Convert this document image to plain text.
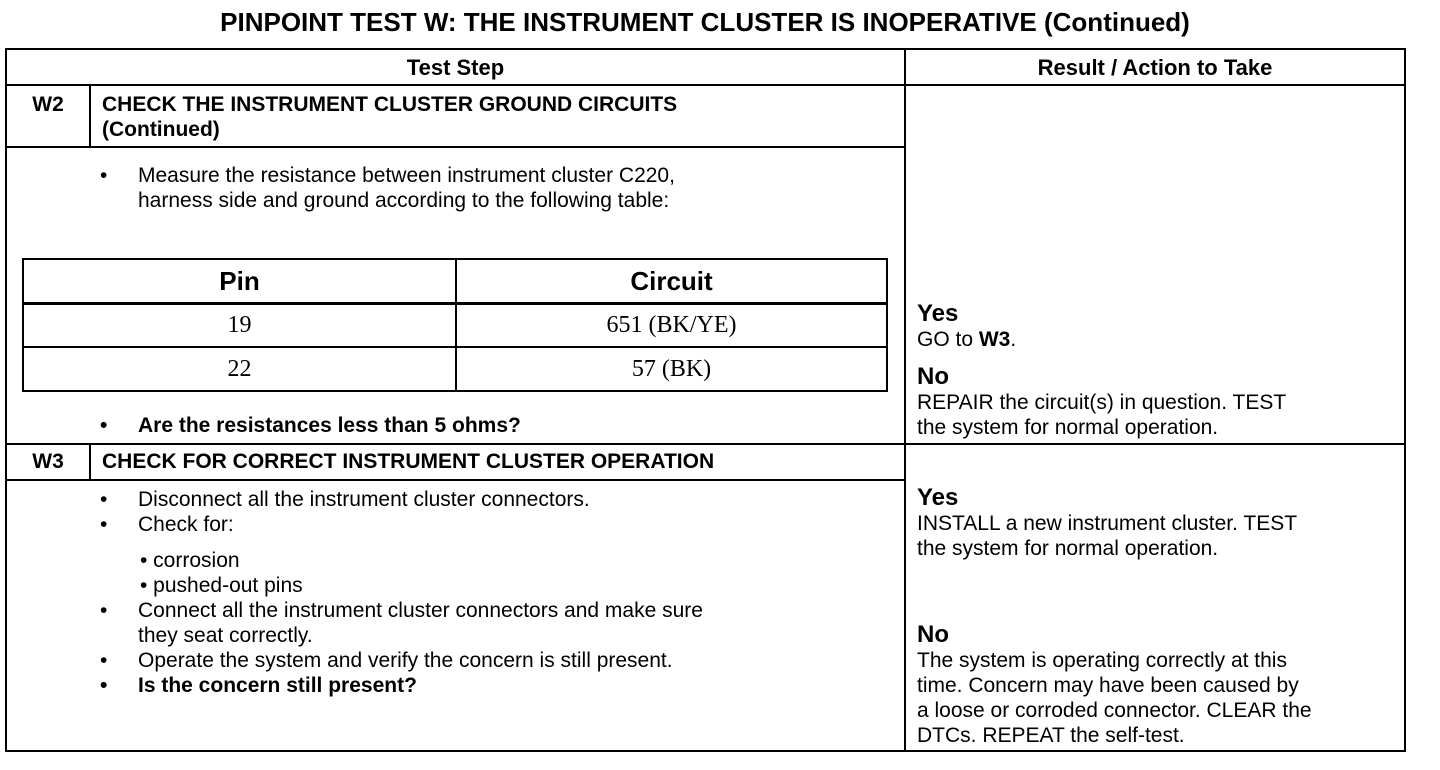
PINPOINT TEST W: THE INSTRUMENT CLUSTER IS INOPERATIVE (Continued)
Test Step	Result / Action to Take
W2	CHECK THE INSTRUMENT CLUSTER GROUND CIRCUITS
(Continued)
• Measure the resistance between instrument cluster C220,
harness side and ground according to the following table:
Pin	Circuit
19	651 (BK/YE)
22	57 (BK)
• Are the resistances less than 5 ohms?
Yes
GO to W3.
No
REPAIR the circuit(s) in question. TEST
the system for normal operation.
W3	CHECK FOR CORRECT INSTRUMENT CLUSTER OPERATION
• Disconnect all the instrument cluster connectors.
• Check for:
• corrosion
• pushed-out pins
• Connect all the instrument cluster connectors and make sure
they seat correctly.
• Operate the system and verify the concern is still present.
• Is the concern still present?
Yes
INSTALL a new instrument cluster. TEST
the system for normal operation.
No
The system is operating correctly at this
time. Concern may have been caused by
a loose or corroded connector. CLEAR the
DTCs. REPEAT the self-test.
